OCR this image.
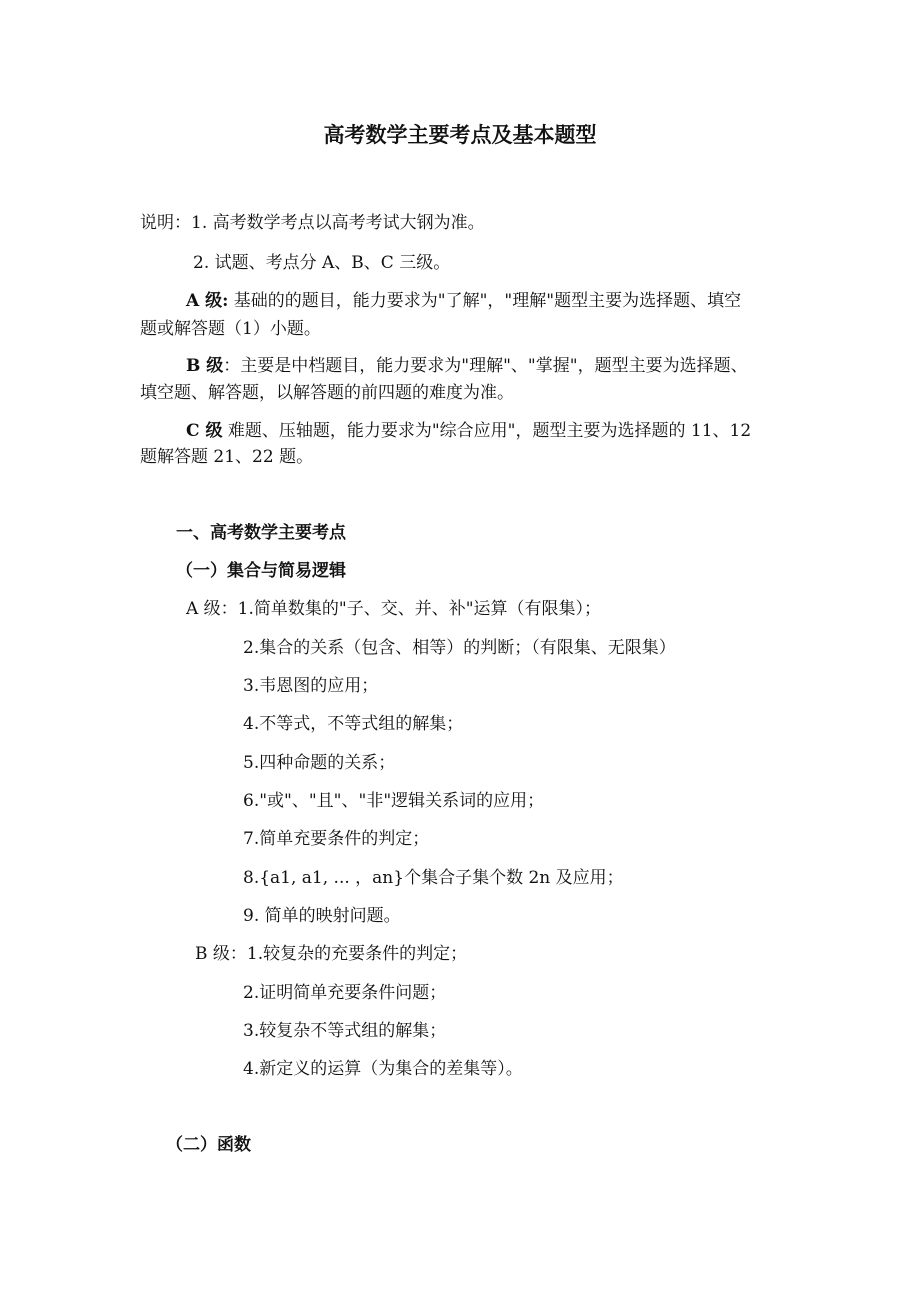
高考数学主要考点及基本题型
说明：1. 高考数学考点以高考考试大钢为准。
2. 试题、考点分 A、B、C 三级。
A 级: 基础的的题目，能力要求为"了解"，"理解"题型主要为选择题、填空
题或解答题（1）小题。
B 级：主要是中档题目，能力要求为"理解"、"掌握"，题型主要为选择题、
填空题、解答题，以解答题的前四题的难度为准。
C 级 难题、压轴题，能力要求为"综合应用"，题型主要为选择题的 11、12
题解答题 21、22 题。
一、高考数学主要考点
（一）集合与简易逻辑
A 级：1.简单数集的"子、交、并、补"运算（有限集）；
2.集合的关系（包含、相等）的判断；（有限集、无限集）
3.韦恩图的应用；
4.不等式，不等式组的解集；
5.四种命题的关系；
6."或"、"且"、"非"逻辑关系词的应用；
7.简单充要条件的判定；
8.{a1, a1, ... ，an}个集合子集个数 2n 及应用；
9. 简单的映射问题。
B 级：1.较复杂的充要条件的判定；
2.证明简单充要条件问题；
3.较复杂不等式组的解集；
4.新定义的运算（为集合的差集等）。
（二）函数
